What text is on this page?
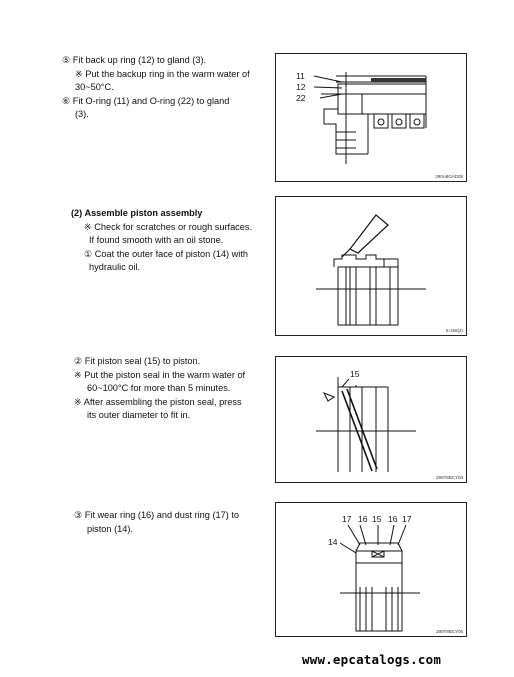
⑤ Fit back up ring (12) to gland (3).
※ Put the backup ring in the warm water of
30~50°C.
⑥ Fit O-ring (11) and O-ring (22) to gland
(3).
11
12
22
290A8GAD09
(2) Assemble piston assembly
※ Check for scratches or rough surfaces.
If found smooth with an oil stone.
① Coat the outer face of piston (14) with
hydraulic oil.
8-158(2)
② Fit piston seal (15) to piston.
※ Put the piston seal in the warm water of
60~100°C for more than 5 minutes.
※ After assembling the piston seal, press
its outer diameter to fit in.
15
290T8BCY04
③ Fit wear ring (16) and dust ring (17) to
piston (14).
17 16 15 16 17
14
290T8BCY05
www.epcatalogs.com
